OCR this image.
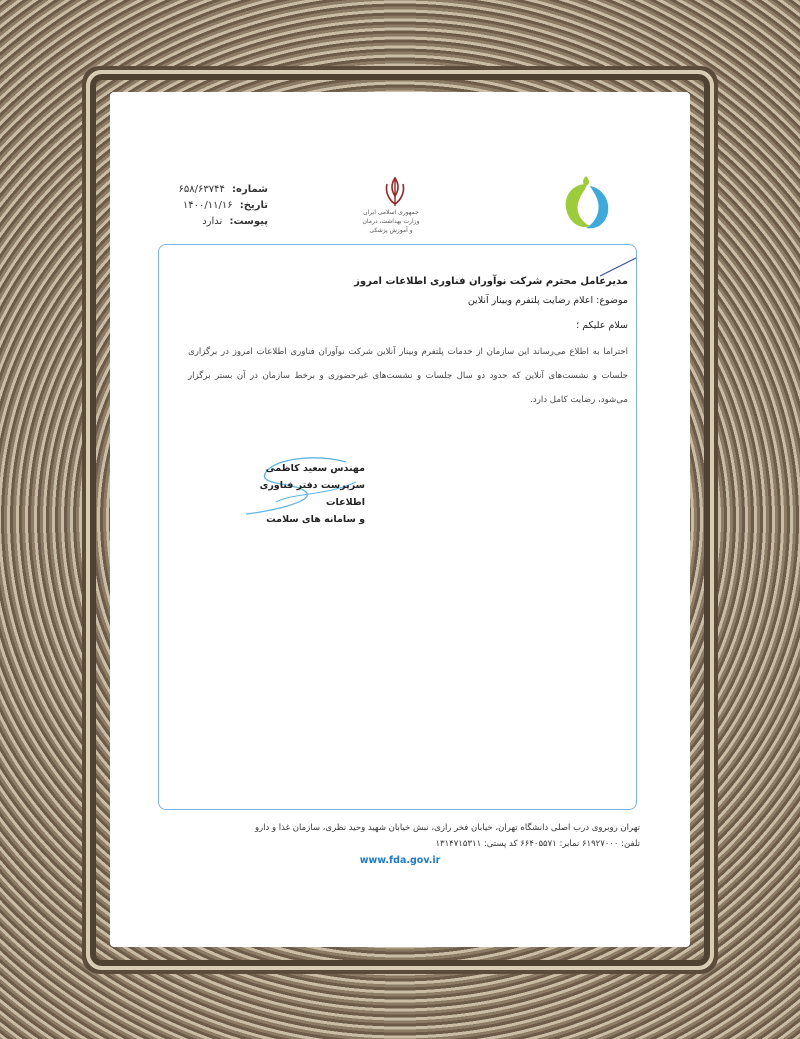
شماره: ۶۵۸/۶۳۷۴۴
تاریخ: ۱۴۰۰/۱۱/۱۶
پیوست: ندارد
جمهوری اسلامی ایران
وزارت بهداشت، درمان
و آموزش پزشکی
مدیرعامل محترم شرکت نوآوران فناوری اطلاعات امروز
موضوع: اعلام رضایت پلتفرم وبینار آنلاین
سلام علیکم ؛
احتراما به اطلاع می‌رساند این سازمان از خدمات پلتفرم وبینار آنلاین شرکت نوآوران فناوری اطلاعات امروز در برگزاری جلسات و نشست‌های آنلاین که حدود دو سال جلسات و نشست‌های غیرحضوری و برخط سازمان در آن بستر برگزار می‌شود، رضایت کامل دارد.
مهندس سعید کاظمی
سرپرست دفتر فناوری اطلاعات
و سامانه های سلامت
تهران روبروی درب اصلی دانشگاه تهران، خیابان فخر رازی، نبش خیابان شهید وحید نظری، سازمان غذا و دارو
تلفن: ۶۱۹۲۷۰۰۰ نمابر: ۶۶۴۰۵۵۷۱ کد پستی: ۱۳۱۴۷۱۵۳۱۱
www.fda.gov.ir
